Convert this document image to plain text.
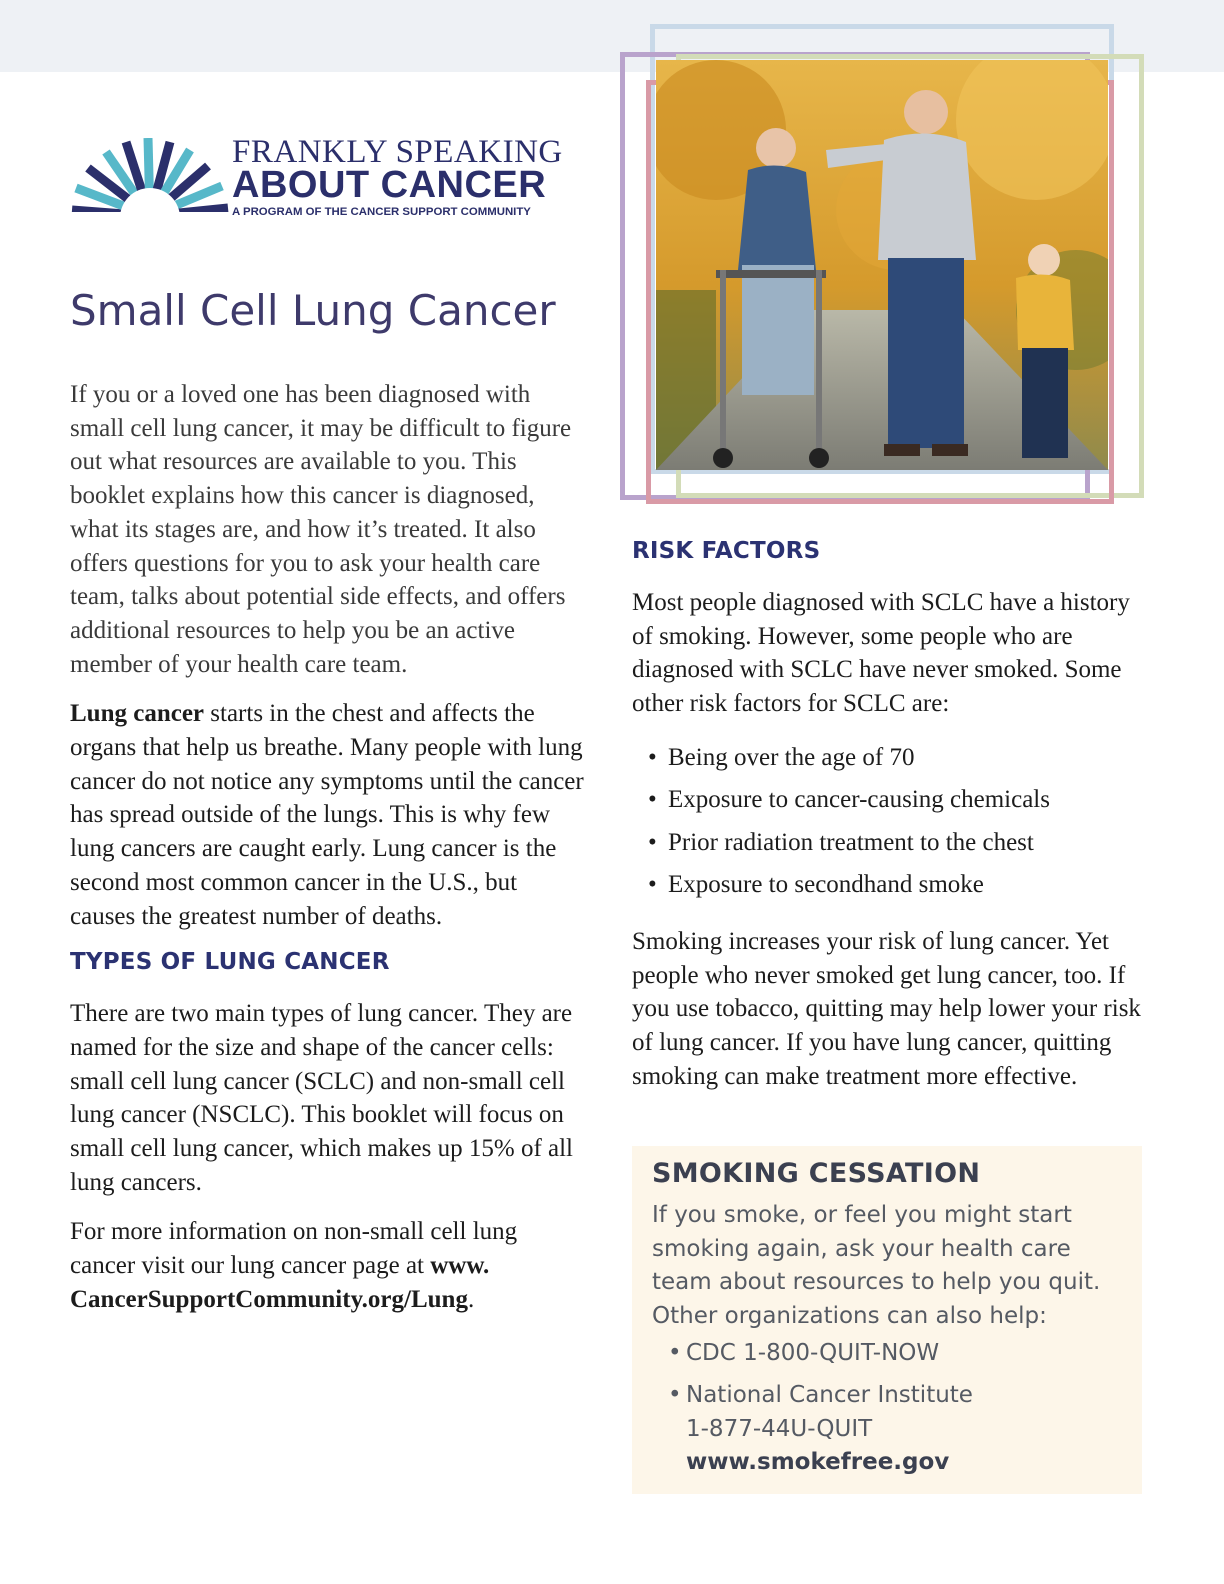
FRANKLY SPEAKING
ABOUT CANCER
A PROGRAM OF THE CANCER SUPPORT COMMUNITY
Small Cell Lung Cancer

If you or a loved one has been diagnosed with small cell lung cancer, it may be difficult to figure out what resources are available to you. This booklet explains how this cancer is diagnosed, what its stages are, and how it’s treated. It also offers questions for you to ask your health care team, talks about potential side effects, and offers additional resources to help you be an active member of your health care team.

Lung cancer starts in the chest and affects the organs that help us breathe. Many people with lung cancer do not notice any symptoms until the cancer has spread outside of the lungs. This is why few lung cancers are caught early. Lung cancer is the second most common cancer in the U.S., but causes the greatest number of deaths.

TYPES OF LUNG CANCER

There are two main types of lung cancer. They are named for the size and shape of the cancer cells: small cell lung cancer (SCLC) and non-small cell lung cancer (NSCLC). This booklet will focus on small cell lung cancer, which makes up 15% of all lung cancers.

For more information on non-small cell lung cancer visit our lung cancer page at www. CancerSupportCommunity.org/Lung.

RISK FACTORS

Most people diagnosed with SCLC have a history of smoking. However, some people who are diagnosed with SCLC have never smoked. Some other risk factors for SCLC are:

• Being over the age of 70
• Exposure to cancer-causing chemicals
• Prior radiation treatment to the chest
• Exposure to secondhand smoke

Smoking increases your risk of lung cancer. Yet people who never smoked get lung cancer, too. If you use tobacco, quitting may help lower your risk of lung cancer. If you have lung cancer, quitting smoking can make treatment more effective.

SMOKING CESSATION

If you smoke, or feel you might start smoking again, ask your health care team about resources to help you quit. Other organizations can also help:

• CDC 1-800-QUIT-NOW
• National Cancer Institute
1-877-44U-QUIT
www.smokefree.gov
